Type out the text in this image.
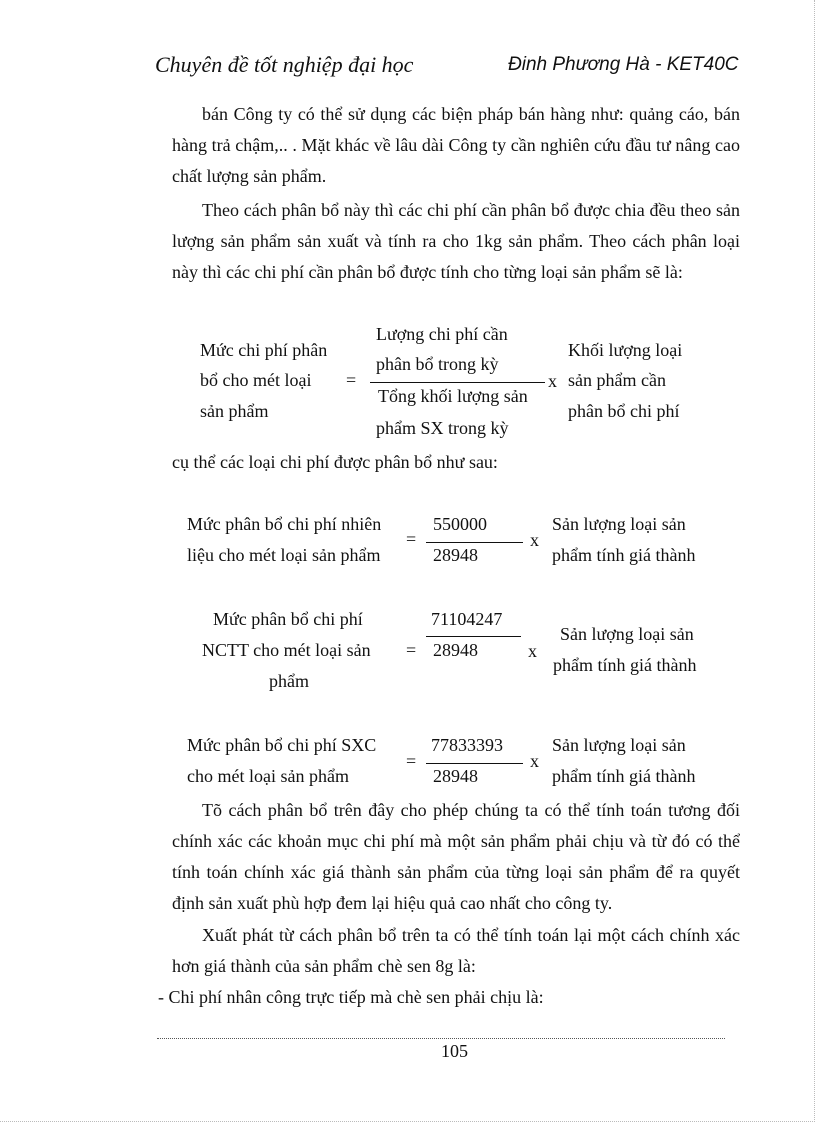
Chuyên đề tốt nghiệp đại học	Đinh Phương Hà - KET40C

bán Công ty có thể sử dụng các biện pháp bán hàng như: quảng cáo, bán hàng trả chậm,.. . Mặt khác về lâu dài Công ty cần nghiên cứu đầu tư nâng cao chất lượng sản phẩm.

Theo cách phân bổ này thì các chi phí cần phân bổ được chia đều theo sản lượng sản phẩm sản xuất và tính ra cho 1kg sản phẩm. Theo cách phân loại này thì các chi phí cần phân bổ được tính cho từng loại sản phẩm sẽ là:

Mức chi phí phân
bổ cho mét loại
sản phẩm
=
Lượng chi phí cần
phân bổ trong kỳ
Tổng khối lượng sản
phẩm SX trong kỳ
x
Khối lượng loại
sản phẩm cần
phân bổ chi phí
cụ thể các loại chi phí được phân bổ như sau:
Mức phân bổ chi phí nhiên
liệu cho mét loại sản phẩm
=
550000
28948
x
Sản lượng loại sản
phẩm tính giá thành
Mức phân bổ chi phí
NCTT cho mét loại sản
phẩm
=
71104247
28948	x
Sản lượng loại sản
phẩm tính giá thành
Mức phân bổ chi phí SXC
cho mét loại sản phẩm
=
77833393
28948
x
Sản lượng loại sản
phẩm tính giá thành

Tõ cách phân bổ trên đây cho phép chúng ta có thể tính toán tương đối chính xác các khoản mục chi phí mà một sản phẩm phải chịu và từ đó có thể tính toán chính xác giá thành sản phẩm của từng loại sản phẩm để ra quyết định sản xuất phù hợp đem lại hiệu quả cao nhất cho công ty.

Xuất phát từ cách phân bổ trên ta có thể tính toán lại một cách chính xác hơn giá thành của sản phẩm chè sen 8g là:

- Chi phí nhân công trực tiếp mà chè sen phải chịu là:
105
